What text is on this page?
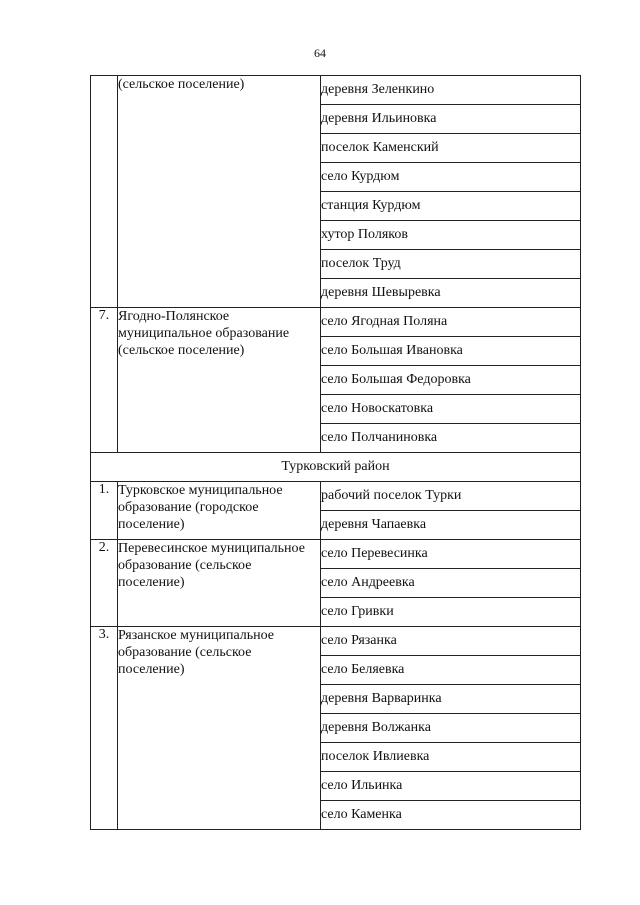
64
	(сельское поселение)	деревня Зеленкино
		деревня Ильиновка
		поселок Каменский
		село Курдюм
		станция Курдюм
		хутор Поляков
		поселок Труд
		деревня Шевыревка
7.	Ягодно-Полянское муниципальное образование (сельское поселение)	село Ягодная Поляна
		село Большая Ивановка
		село Большая Федоровка
		село Новоскатовка
		село Полчаниновка
Турковский район		
1.	Турковское муниципальное образование (городское поселение)	рабочий поселок Турки
		деревня Чапаевка
2.	Перевесинское муниципальное образование (сельское поселение)	село Перевесинка
		село Андреевка
		село Гривки
3.	Рязанское муниципальное образование (сельское поселение)	село Рязанка
		село Беляевка
		деревня Варваринка
		деревня Волжанка
		поселок Ивлиевка
		село Ильинка
		село Каменка
